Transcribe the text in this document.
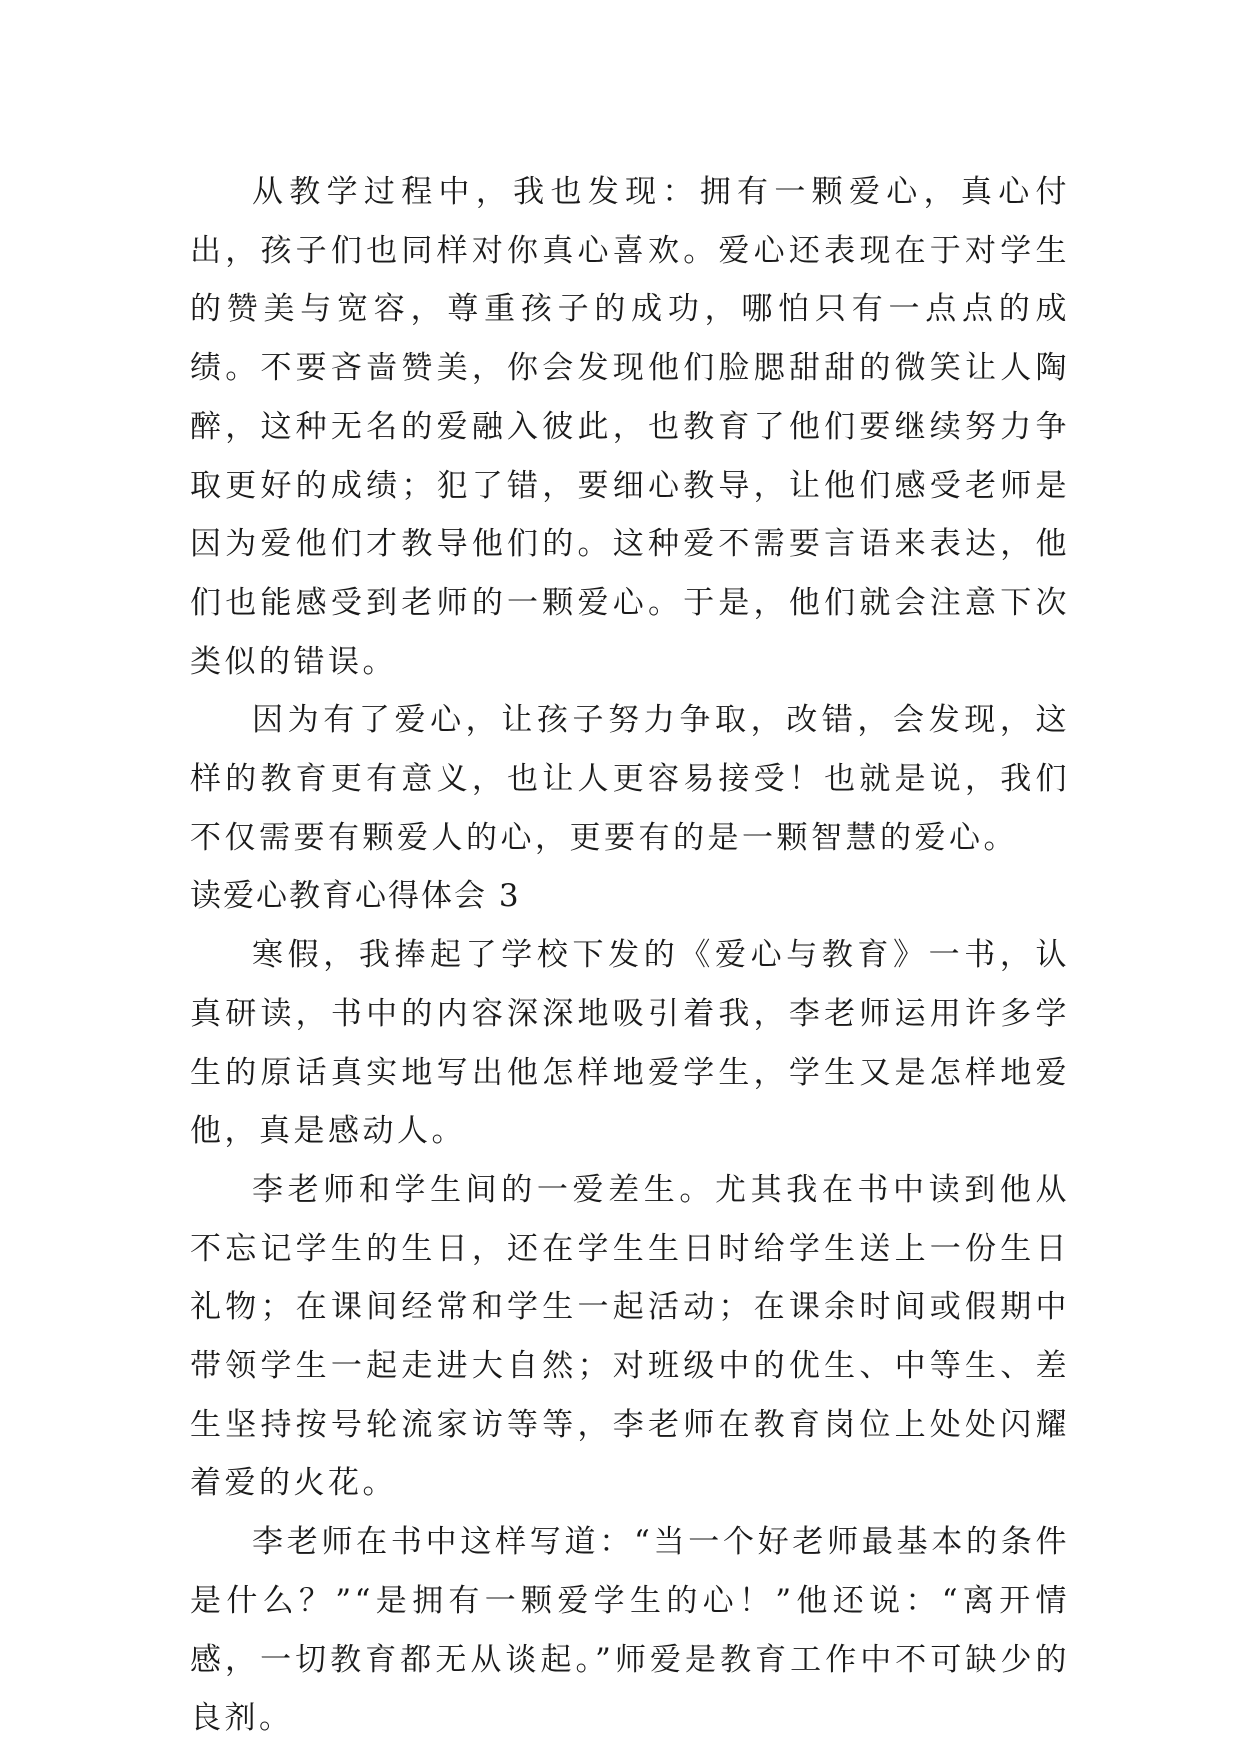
从教学过程中，我也发现：拥有一颗爱心，真心付出，孩子们也同样对你真心喜欢。爱心还表现在于对学生的赞美与宽容，尊重孩子的成功，哪怕只有一点点的成绩。不要吝啬赞美，你会发现他们脸腮甜甜的微笑让人陶醉，这种无名的爱融入彼此，也教育了他们要继续努力争取更好的成绩；犯了错，要细心教导，让他们感受老师是因为爱他们才教导他们的。这种爱不需要言语来表达，他们也能感受到老师的一颗爱心。于是，他们就会注意下次类似的错误。

因为有了爱心，让孩子努力争取，改错，会发现，这样的教育更有意义，也让人更容易接受！也就是说，我们不仅需要有颗爱人的心，更要有的是一颗智慧的爱心。

读爱心教育心得体会 3

寒假，我捧起了学校下发的《爱心与教育》一书，认真研读，书中的内容深深地吸引着我，李老师运用许多学生的原话真实地写出他怎样地爱学生，学生又是怎样地爱他，真是感动人。

李老师和学生间的一爱差生。尤其我在书中读到他从不忘记学生的生日，还在学生生日时给学生送上一份生日礼物；在课间经常和学生一起活动；在课余时间或假期中带领学生一起走进大自然；对班级中的优生、中等生、差生坚持按号轮流家访等等，李老师在教育岗位上处处闪耀着爱的火花。

李老师在书中这样写道：“当一个好老师最基本的条件是什么？”“是拥有一颗爱学生的心！”他还说：“离开情感，一切教育都无从谈起。”师爱是教育工作中不可缺少的良剂。
